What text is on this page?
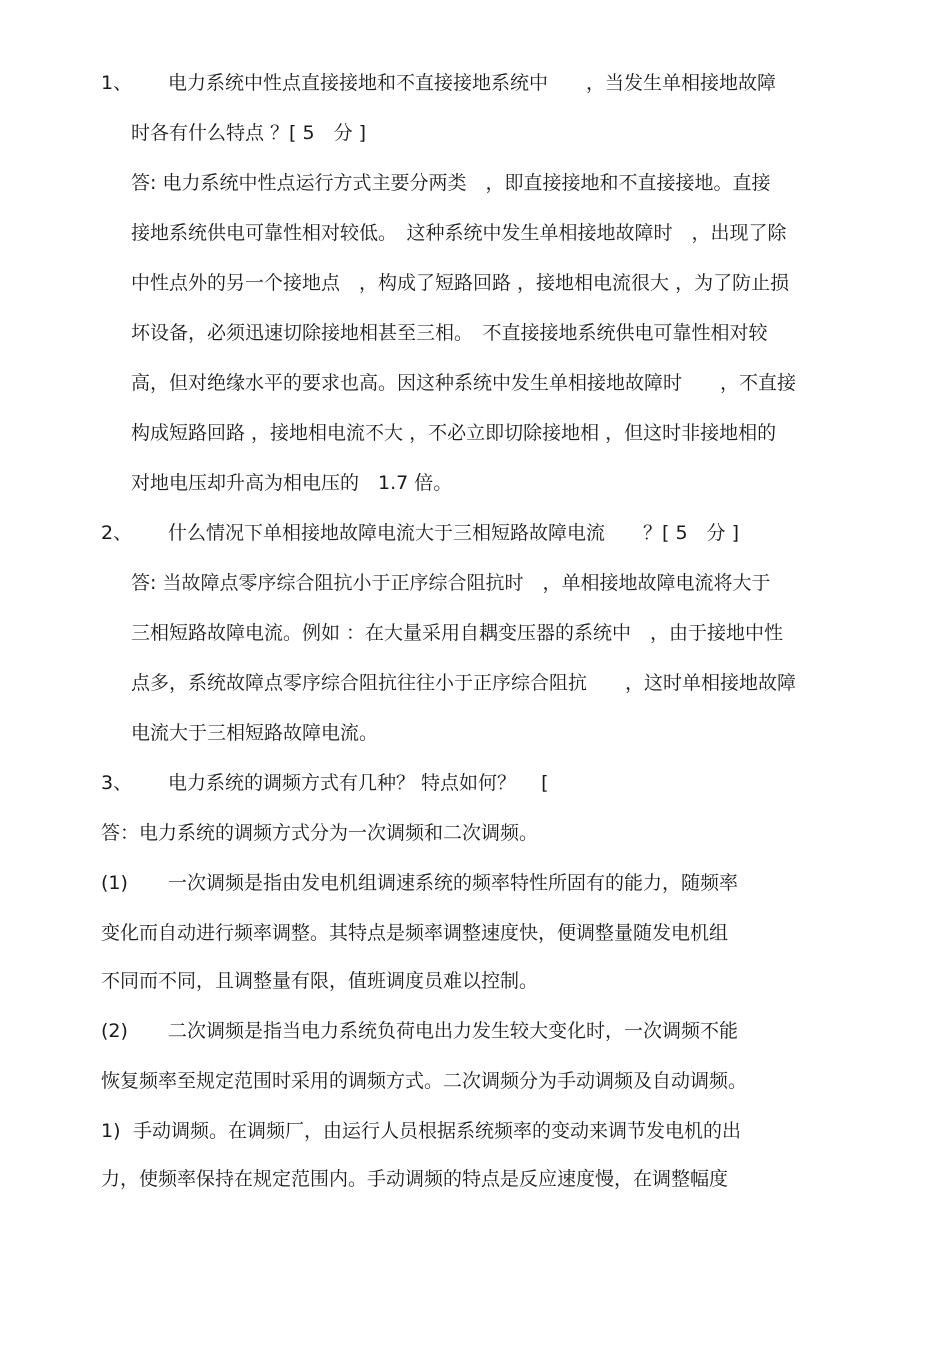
1、 电力系统中性点直接接地和不直接接地系统中　　，当发生单相接地故障
时各有什么特点 ？[ 5　分 ]
答: 电力系统中性点运行方式主要分两类　，即直接接地和不直接接地。直接
接地系统供电可靠性相对较低。　这种系统中发生单相接地故障时　，出现了除
中性点外的另一个接地点　，构成了短路回路 ，接地相电流很大 ，为了防止损
坏设备，必须迅速切除接地相甚至三相。　不直接接地系统供电可靠性相对较
高，但对绝缘水平的要求也高。因这种系统中发生单相接地故障时　　，不直接
构成短路回路 ，接地相电流不大 ，不必立即切除接地相 ，但这时非接地相的
对地电压却升高为相电压的　1.7 倍。
2、 什么情况下单相接地故障电流大于三相短路故障电流　　？[ 5　分 ]
答: 当故障点零序综合阻抗小于正序综合阻抗时　，单相接地故障电流将大于
三相短路故障电流。例如 ：在大量采用自耦变压器的系统中　，由于接地中性
点多，系统故障点零序综合阻抗往往小于正序综合阻抗　　，这时单相接地故障
电流大于三相短路故障电流。
3、 电力系统的调频方式有几种？ 特点如何？　 [
答：电力系统的调频方式分为一次调频和二次调频。
(1) 一次调频是指由发电机组调速系统的频率特性所固有的能力，随频率
变化而自动进行频率调整。其特点是频率调整速度快，便调整量随发电机组
不同而不同，且调整量有限，值班调度员难以控制。
(2) 二次调频是指当电力系统负荷电出力发生较大变化时，一次调频不能
恢复频率至规定范围时采用的调频方式。二次调频分为手动调频及自动调频。
1) 手动调频。在调频厂，由运行人员根据系统频率的变动来调节发电机的出
力，使频率保持在规定范围内。手动调频的特点是反应速度慢，在调整幅度
